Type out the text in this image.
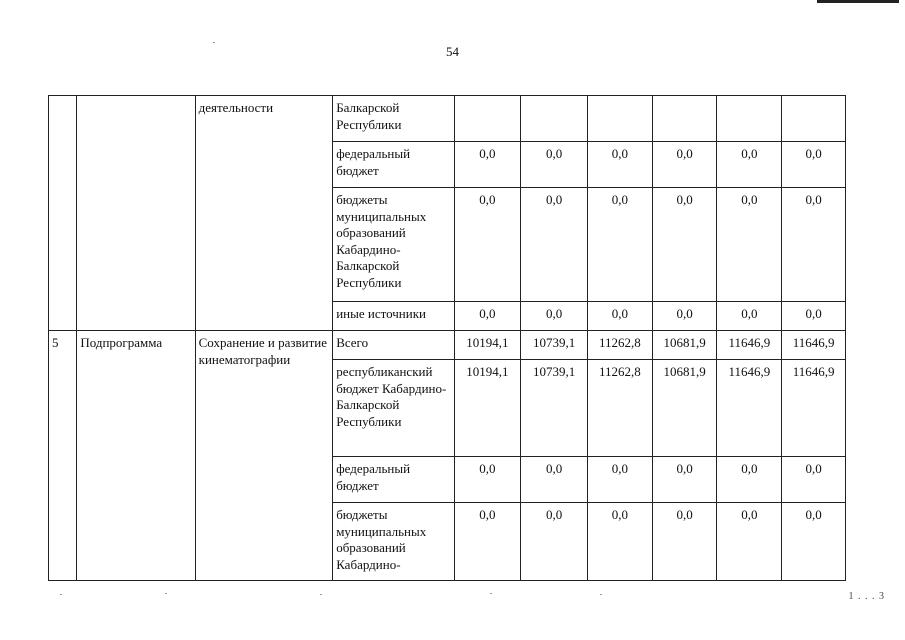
54
		деятельности	Балкарской Республики						
			федеральный бюджет	0,0	0,0	0,0	0,0	0,0	0,0
			бюджеты муниципальных образований Кабардино-Балкарской Республики	0,0	0,0	0,0	0,0	0,0	0,0
			иные источники	0,0	0,0	0,0	0,0	0,0	0,0
5	Подпрограмма	Сохранение и развитие кинематографии	Всего	10194,1	10739,1	11262,8	10681,9	11646,9	11646,9
			республиканский бюджет Кабардино-Балкарской Республики	10194,1	10739,1	11262,8	10681,9	11646,9	11646,9
			федеральный бюджет	0,0	0,0	0,0	0,0	0,0	0,0
			бюджеты муниципальных образований Кабардино-	0,0	0,0	0,0	0,0	0,0	0,0
1 . . . 3
